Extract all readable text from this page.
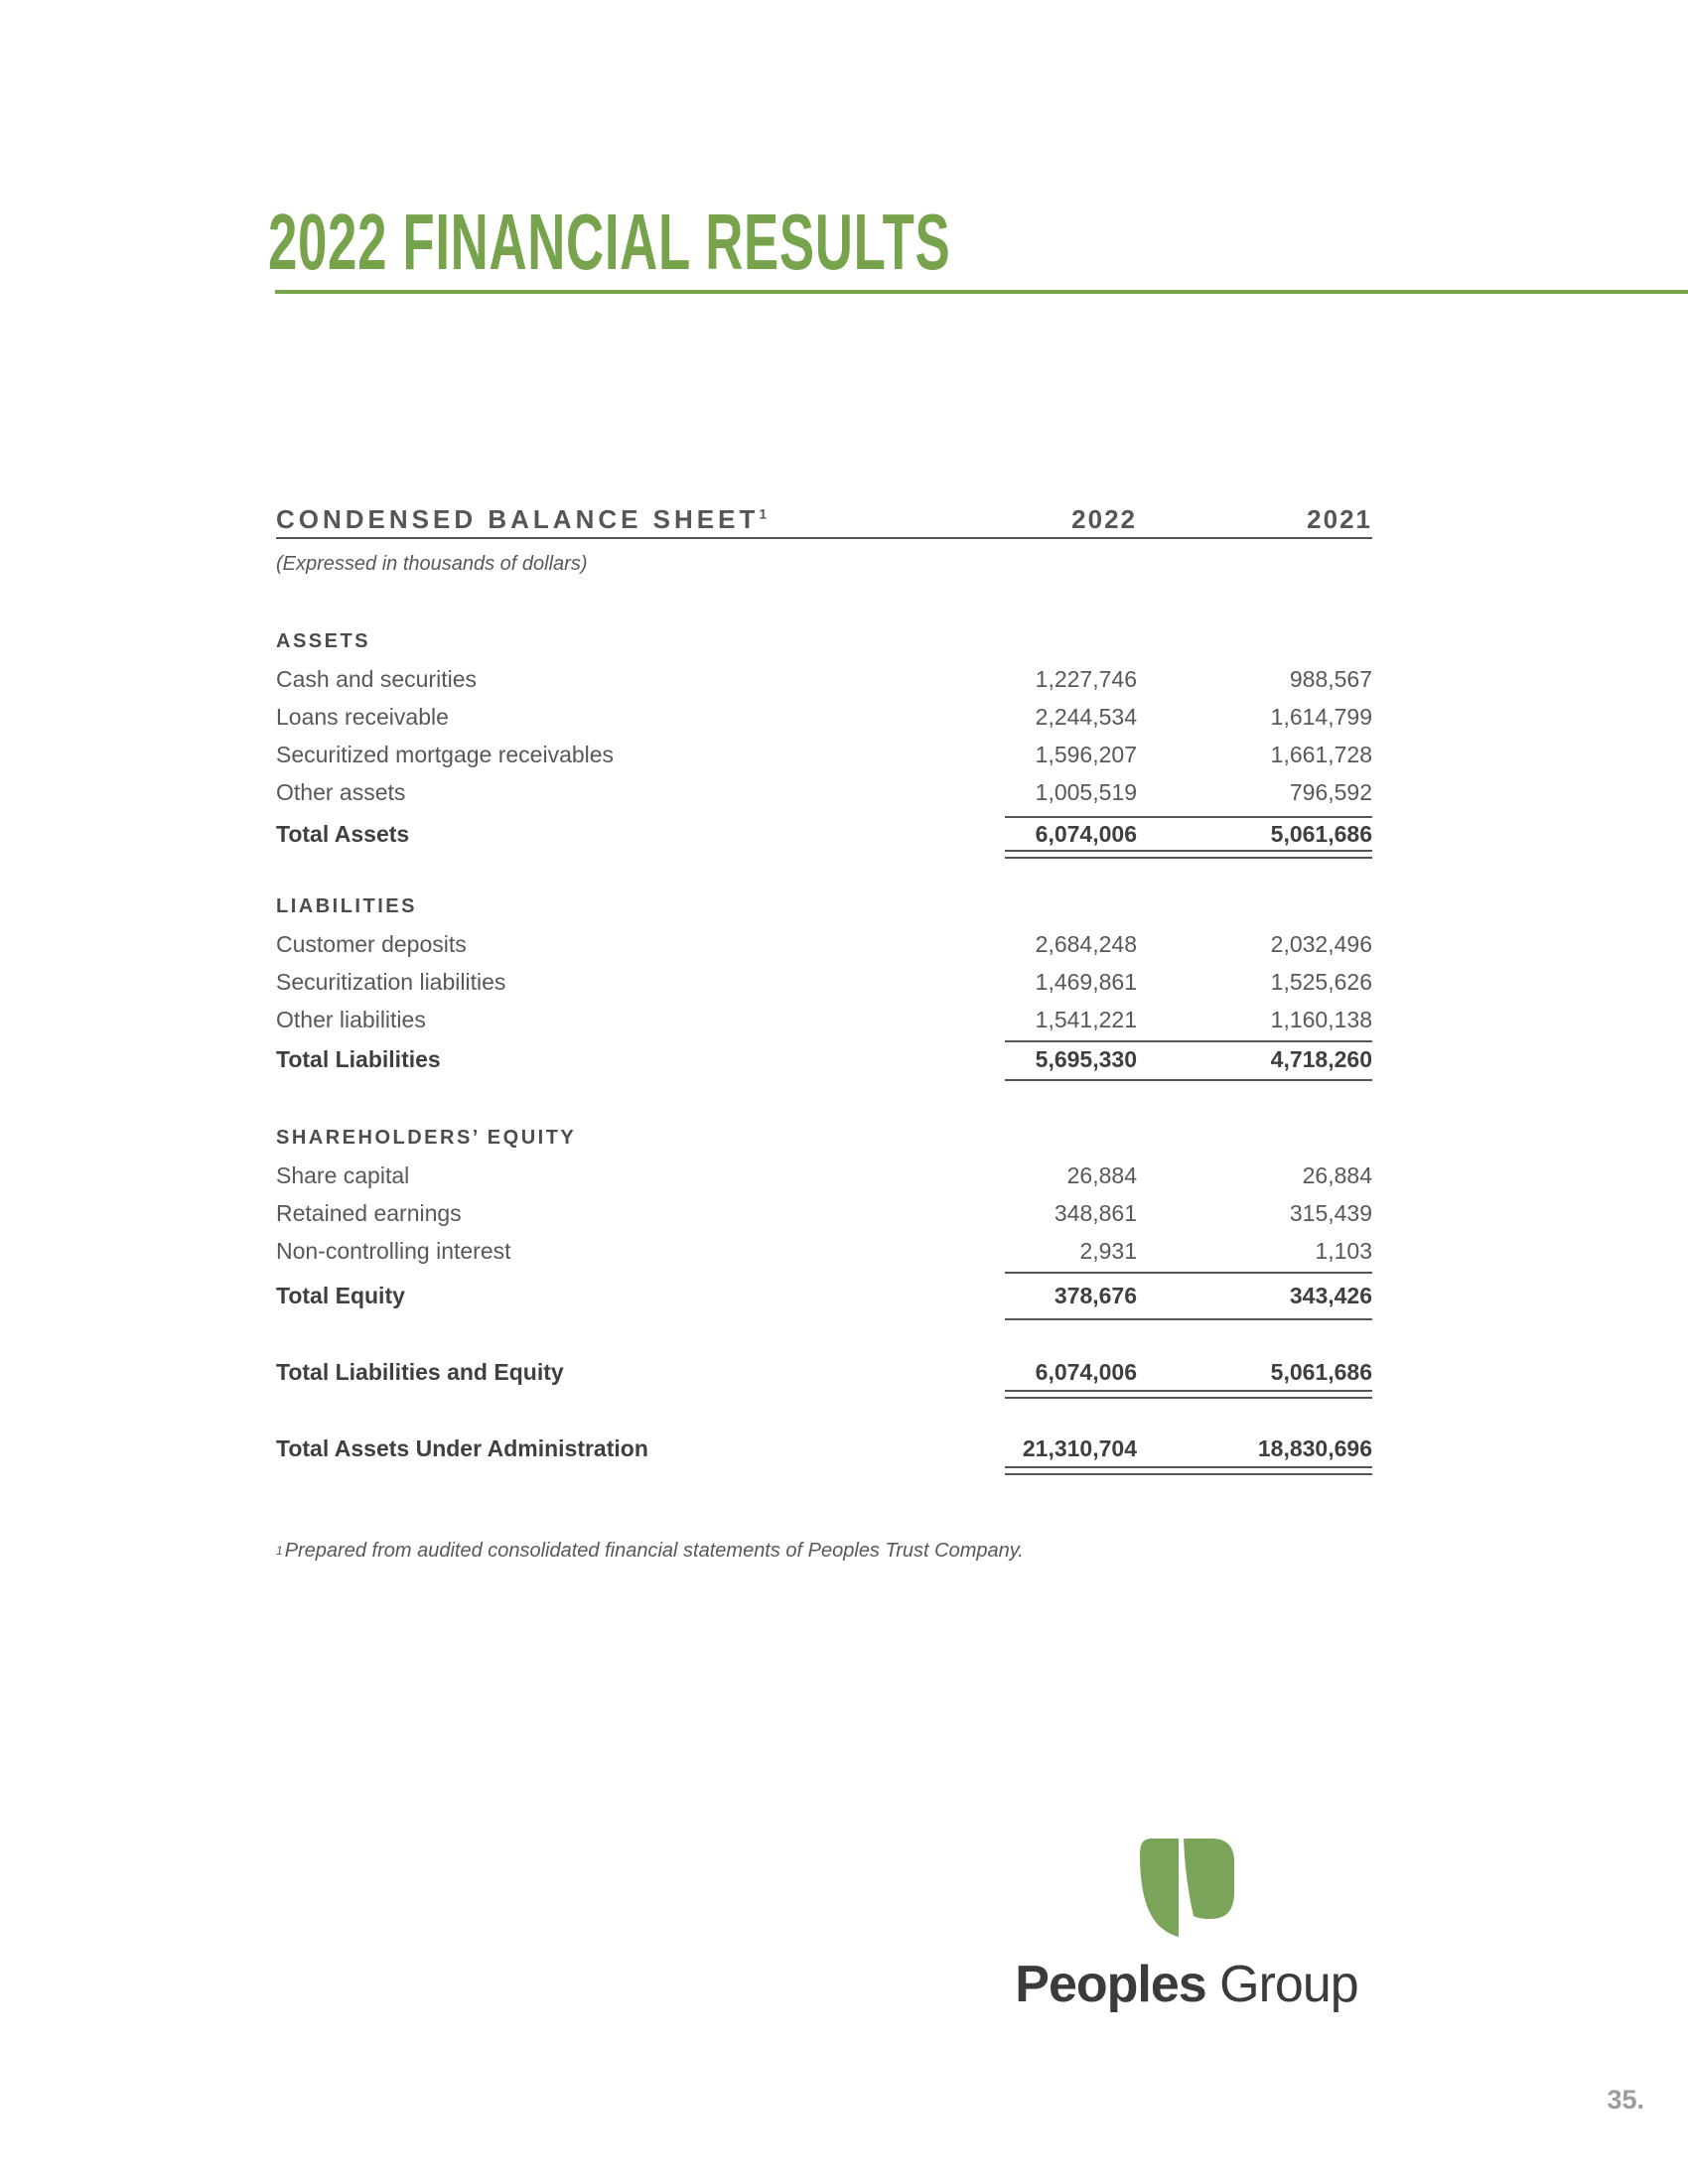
2022 FINANCIAL RESULTS
CONDENSED BALANCE SHEET$^1$	2022	2021
(Expressed in thousands of dollars)
ASSETS
Cash and securities	1,227,746	988,567
Loans receivable	2,244,534	1,614,799
Securitized mortgage receivables	1,596,207	1,661,728
Other assets	1,005,519	796,592
Total Assets	6,074,006	5,061,686
LIABILITIES
Customer deposits	2,684,248	2,032,496
Securitization liabilities	1,469,861	1,525,626
Other liabilities	1,541,221	1,160,138
Total Liabilities	5,695,330	4,718,260
SHAREHOLDERS’ EQUITY
Share capital	26,884	26,884
Retained earnings	348,861	315,439
Non-controlling interest	2,931	1,103
Total Equity	378,676	343,426
Total Liabilities and Equity	6,074,006	5,061,686
Total Assets Under Administration	21,310,704	18,830,696
1 Prepared from audited consolidated financial statements of Peoples Trust Company.
Peoples Group
35.
